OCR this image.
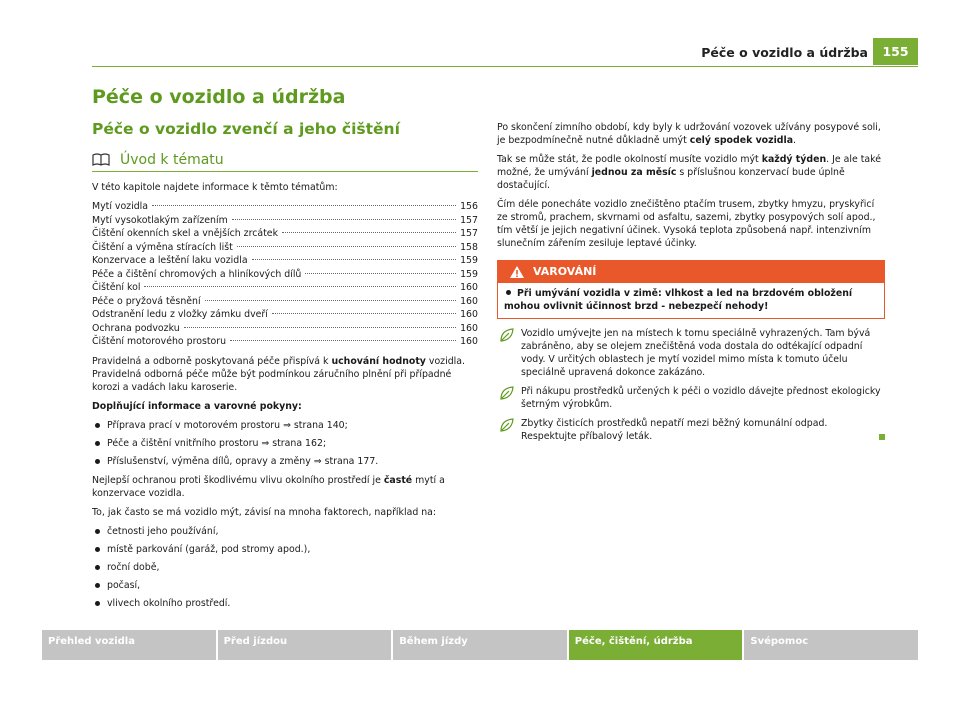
Péče o vozidlo a údržba	155
Péče o vozidlo a údržba
Péče o vozidlo zvenčí a jeho čištění
Úvod k tématu

V této kapitole najdete informace k těmto tématům:

Mytí vozidla	156
Mytí vysokotlakým zařízením	157
Čištění okenních skel a vnějších zrcátek	157
Čištění a výměna stíracích lišt	158
Konzervace a leštění laku vozidla	159
Péče a čištění chromových a hliníkových dílů	159
Čištění kol	160
Péče o pryžová těsnění	160
Odstranění ledu z vložky zámku dveří	160
Ochrana podvozku	160
Čištění motorového prostoru	160

Pravidelná a odborně poskytovaná péče přispívá k uchování hodnoty vozidla. Pravidelná odborná péče může být podmínkou záručního plnění při případné korozi a vadách laku karoserie.

Doplňující informace a varovné pokyny:

Příprava prací v motorovém prostoru ⇒ strana 140;
Péče a čištění vnitřního prostoru ⇒ strana 162;
Příslušenství, výměna dílů, opravy a změny ⇒ strana 177.

Nejlepší ochranou proti škodlivému vlivu okolního prostředí je časté mytí a konzervace vozidla.

To, jak často se má vozidlo mýt, závisí na mnoha faktorech, například na:

četnosti jeho používání,
místě parkování (garáž, pod stromy apod.),
roční době,
počasí,
vlivech okolního prostředí.

Po skončení zimního období, kdy byly k udržování vozovek užívány posypové soli, je bezpodmínečně nutné důkladně umýt celý spodek vozidla.

Tak se může stát, že podle okolností musíte vozidlo mýt každý týden. Je ale také možné, že umývání jednou za měsíc s příslušnou konzervací bude úplně dostačující.

Čím déle ponecháte vozidlo znečištěno ptačím trusem, zbytky hmyzu, pryskyřicí ze stromů, prachem, skvrnami od asfaltu, sazemi, zbytky posypových solí apod., tím větší je jejich negativní účinek. Vysoká teplota způsobená např. intenzivním slunečním zářením zesiluje leptavé účinky.

VAROVÁNÍ
Při umývání vozidla v zimě: vlhkost a led na brzdovém obložení mohou ovlivnit účinnost brzd - nebezpečí nehody!
Vozidlo umývejte jen na místech k tomu speciálně vyhrazených. Tam bývá zabráněno, aby se olejem znečištěná voda dostala do odtékající odpadní vody. V určitých oblastech je mytí vozidel mimo místa k tomuto účelu speciálně upravená dokonce zakázáno.
Při nákupu prostředků určených k péči o vozidlo dávejte přednost ekologicky šetrným výrobkům.
Zbytky čisticích prostředků nepatří mezi běžný komunální odpad. Respektujte příbalový leták.
Přehled vozidla	Před jízdou	Během jízdy	Péče, čištění, údržba	Svépomoc
